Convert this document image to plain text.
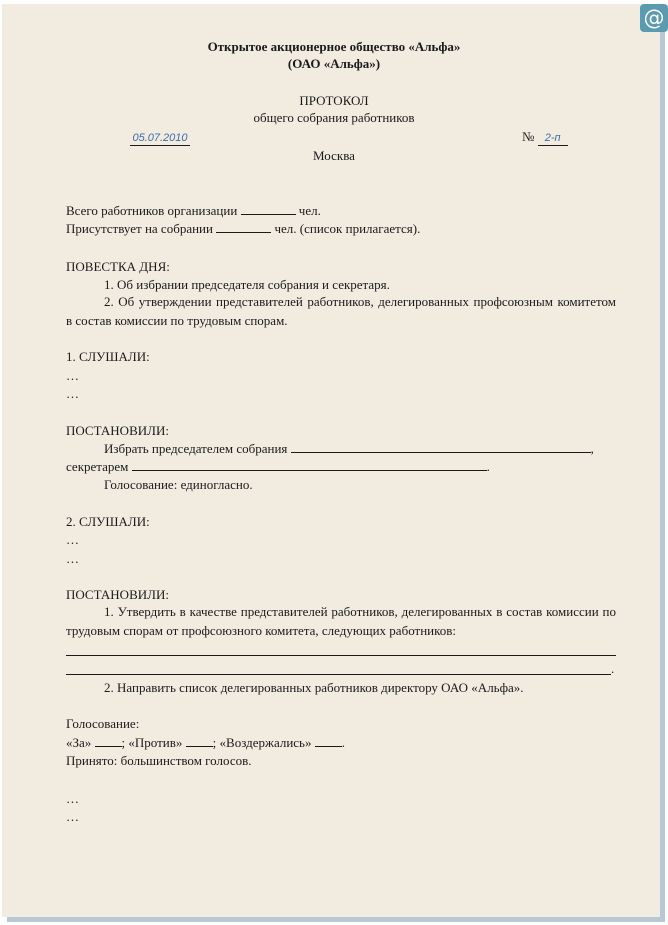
@
Открытое акционерное общество «Альфа»
(ОАО «Альфа»)
ПРОТОКОЛ
общего собрания работников
05.07.2010	№ 2-п
Москва
Всего работников организации	чел.
Присутствует на собрании	чел. (список прилагается).
ПОВЕСТКА ДНЯ:
1. Об избрании председателя собрания и секретаря.
2. Об утверждении представителей работников, делегированных профсоюзным комитетом в состав комиссии по трудовым спорам.
1. СЛУШАЛИ:
…
…
ПОСТАНОВИЛИ:
Избрать председателем собрания	,
секретарем	.
Голосование: единогласно.
2. СЛУШАЛИ:
…
…
ПОСТАНОВИЛИ:
1. Утвердить в качестве представителей работников, делегированных в состав комиссии по трудовым спорам от профсоюзного комитета, следующих работников:
.
2. Направить список делегированных работников директору ОАО «Альфа».
Голосование:
«За» ; «Против» ; «Воздержались» .
Принято: большинством голосов.
…
…
